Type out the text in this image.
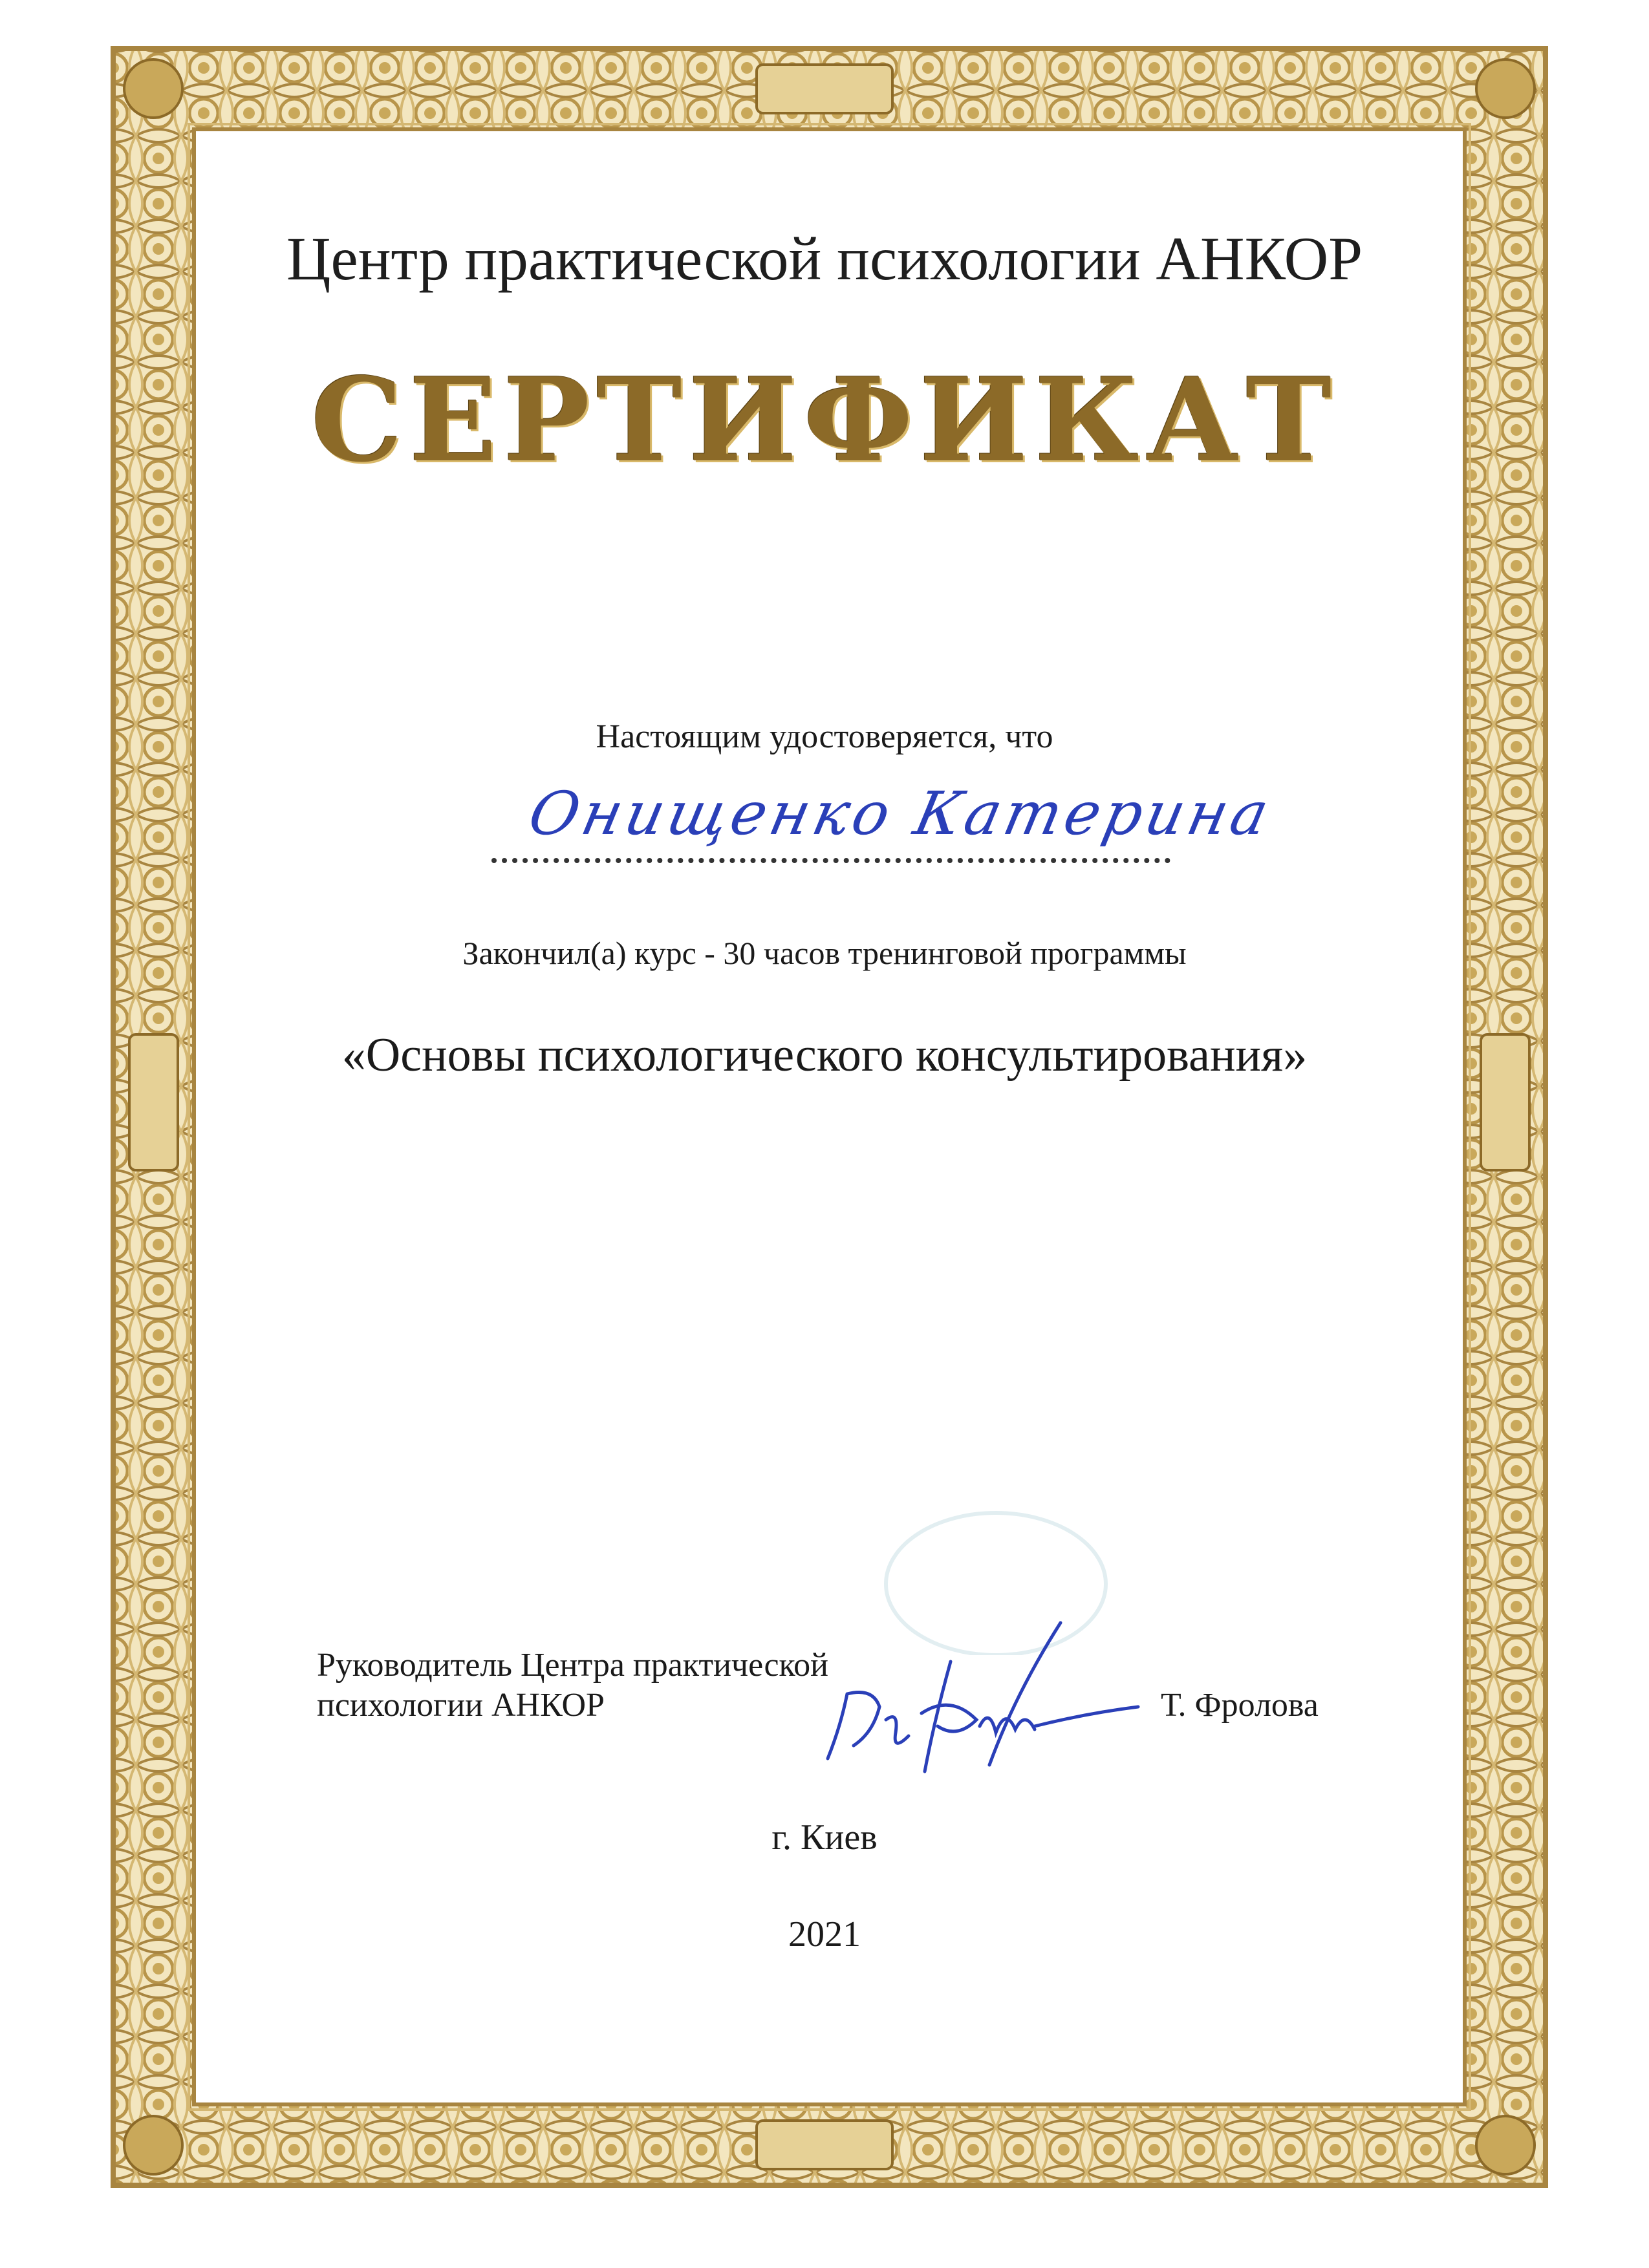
Центр практической психологии АНКОР
СЕРТИФИКАТ
Настоящим удостоверяется, что
Онищенко Катерина
Закончил(а) курс - 30 часов тренинговой программы
«Основы психологического консультирования»
Руководитель Центра практической
психологии АНКОР	Т. Фролова
г. Киев
2021
